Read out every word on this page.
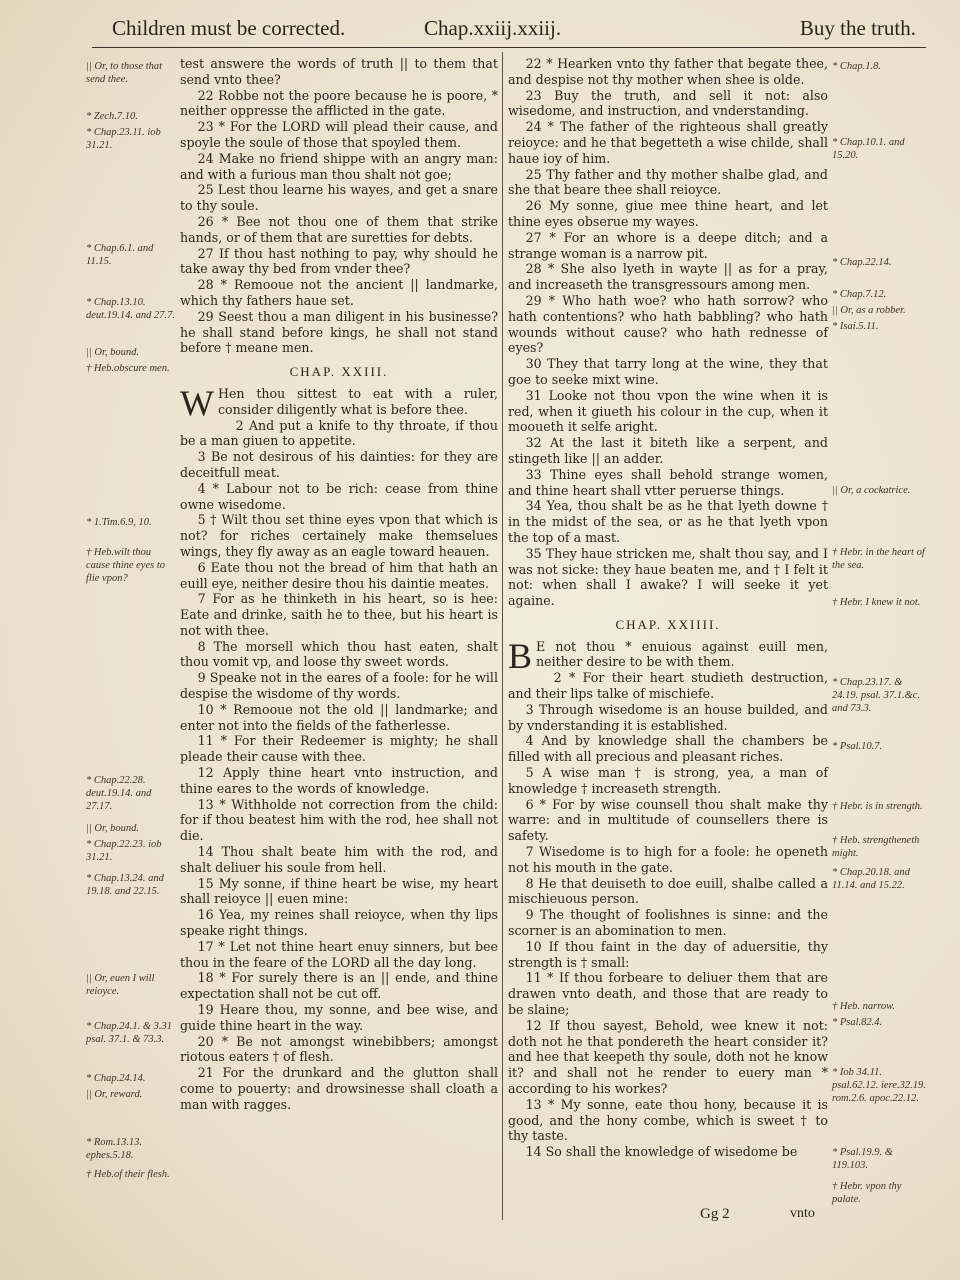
Children must be corrected.	Chap.xxiij.xxiij.	Buy the truth.

test answere the words of truth || to them that send vnto thee?

22 Robbe not the poore because he is poore, * neither oppresse the afflicted in the gate.

23 * For the LORD will plead their cause, and spoyle the soule of those that spoyled them.

24 Make no friend shippe with an angry man: and with a furious man thou shalt not goe;

25 Lest thou learne his wayes, and get a snare to thy soule.

26 * Bee not thou one of them that strike hands, or of them that are suretties for debts.

27 If thou hast nothing to pay, why should he take away thy bed from vnder thee?

28 * Remooue not the ancient || landmarke, which thy fathers haue set.

29 Seest thou a man diligent in his businesse? he shall stand before kings, he shall not stand before † meane men.

CHAP. XXIII.

W Hen thou sittest to eat with a ruler, consider diligently what is before thee.

2 And put a knife to thy throate, if thou be a man giuen to appetite.

3 Be not desirous of his dainties: for they are deceitfull meat.

4 * Labour not to be rich: cease from thine owne wisedome.

5 † Wilt thou set thine eyes vpon that which is not? for riches certainely make themselues wings, they fly away as an eagle toward heauen.

6 Eate thou not the bread of him that hath an euill eye, neither desire thou his daintie meates.

7 For as he thinketh in his heart, so is hee: Eate and drinke, saith he to thee, but his heart is not with thee.

8 The morsell which thou hast eaten, shalt thou vomit vp, and loose thy sweet words.

9 Speake not in the eares of a foole: for he will despise the wisdome of thy words.

10 * Remooue not the old || landmarke; and enter not into the fields of the fatherlesse.

11 * For their Redeemer is mighty; he shall pleade their cause with thee.

12 Apply thine heart vnto instruction, and thine eares to the words of knowledge.

13 * Withholde not correction from the child: for if thou beatest him with the rod, hee shall not die.

14 Thou shalt beate him with the rod, and shalt deliuer his soule from hell.

15 My sonne, if thine heart be wise, my heart shall reioyce || euen mine:

16 Yea, my reines shall reioyce, when thy lips speake right things.

17 * Let not thine heart enuy sinners, but bee thou in the feare of the LORD all the day long.

18 * For surely there is an || ende, and thine expectation shall not be cut off.

19 Heare thou, my sonne, and bee wise, and guide thine heart in the way.

20 * Be not amongst winebibbers; amongst riotous eaters † of flesh.

21 For the drunkard and the glutton shall come to pouerty: and drowsinesse shall cloath a man with ragges.

22 * Hearken vnto thy father that begate thee, and despise not thy mother when shee is olde.

23 Buy the truth, and sell it not: also wisedome, and instruction, and vnderstanding.

24 * The father of the righteous shall greatly reioyce: and he that begetteth a wise childe, shall haue ioy of him.

25 Thy father and thy mother shalbe glad, and she that beare thee shall reioyce.

26 My sonne, giue mee thine heart, and let thine eyes obserue my wayes.

27 * For an whore is a deepe ditch; and a strange woman is a narrow pit.

28 * She also lyeth in wayte || as for a pray, and increaseth the transgressours among men.

29 * Who hath woe? who hath sorrow? who hath contentions? who hath babbling? who hath wounds without cause? who hath rednesse of eyes?

30 They that tarry long at the wine, they that goe to seeke mixt wine.

31 Looke not thou vpon the wine when it is red, when it giueth his colour in the cup, when it mooueth it selfe aright.

32 At the last it biteth like a serpent, and stingeth like || an adder.

33 Thine eyes shall behold strange women, and thine heart shall vtter peruerse things.

34 Yea, thou shalt be as he that lyeth downe † in the midst of the sea, or as he that lyeth vpon the top of a mast.

35 They haue stricken me, shalt thou say, and I was not sicke: they haue beaten me, and † I felt it not: when shall I awake? I will seeke it yet againe.

CHAP. XXIIII.

B E not thou * enuious against euill men, neither desire to be with them.

2 * For their heart studieth destruction, and their lips talke of mischiefe.

3 Through wisedome is an house builded, and by vnderstanding it is established.

4 And by knowledge shall the chambers be filled with all precious and pleasant riches.

5 A wise man † is strong, yea, a man of knowledge † increaseth strength.

6 * For by wise counsell thou shalt make thy warre: and in multitude of counsellers there is safety.

7 Wisedome is to high for a foole: he openeth not his mouth in the gate.

8 He that deuiseth to doe euill, shalbe called a mischieuous person.

9 The thought of foolishnes is sinne: and the scorner is an abomination to men.

10 If thou faint in the day of aduersitie, thy strength is † small:

11 * If thou forbeare to deliuer them that are drawen vnto death, and those that are ready to be slaine;

12 If thou sayest, Behold, wee knew it not: doth not he that pondereth the heart consider it? and hee that keepeth thy soule, doth not he know it? and shall not he render to euery man * according to his workes?

13 * My sonne, eate thou hony, because it is good, and the hony combe, which is sweet † to thy taste.

14 So shall the knowledge of wisedome be

|| Or, to those that send thee.
* Zech.7.10.
* Chap.23.11. iob 31.21.
* Chap.6.1. and 11.15.
* Chap.13.10. deut.19.14. and 27.7.
|| Or, bound.
† Heb.obscure men.
* 1.Tim.6.9, 10.
† Heb.wilt thou cause thine eyes to flie vpon?
* Chap.22.28. deut.19.14. and 27.17.
|| Or, bound.
* Chap.22.23. iob 31.21.
* Chap.13.24. and 19.18. and 22.15.
|| Or, euen I will reioyce.
* Chap.24.1. & 3.31 psal. 37.1. & 73.3.
* Chap.24.14.
|| Or, reward.
* Rom.13.13. ephes.5.18.
† Heb.of their flesh.
* Chap.1.8.
* Chap.10.1. and 15.20.
* Chap.22.14.
* Chap.7.12.
|| Or, as a robber.
* Isai.5.11.
|| Or, a cockatrice.
† Hebr. in the heart of the sea.
† Hebr. I knew it not.
* Chap.23.17. & 24.19. psal. 37.1.&c. and 73.3.
* Psal.10.7.
† Hebr. is in strength.
† Heb. strengtheneth might.
* Chap.20.18. and 11.14. and 15.22.
† Heb. narrow.
* Psal.82.4.
* Iob 34.11. psal.62.12. iere.32.19. rom.2.6. apoc.22.12.
* Psal.19.9. & 119.103.
† Hebr. vpon thy palate.
Gg 2	vnto
